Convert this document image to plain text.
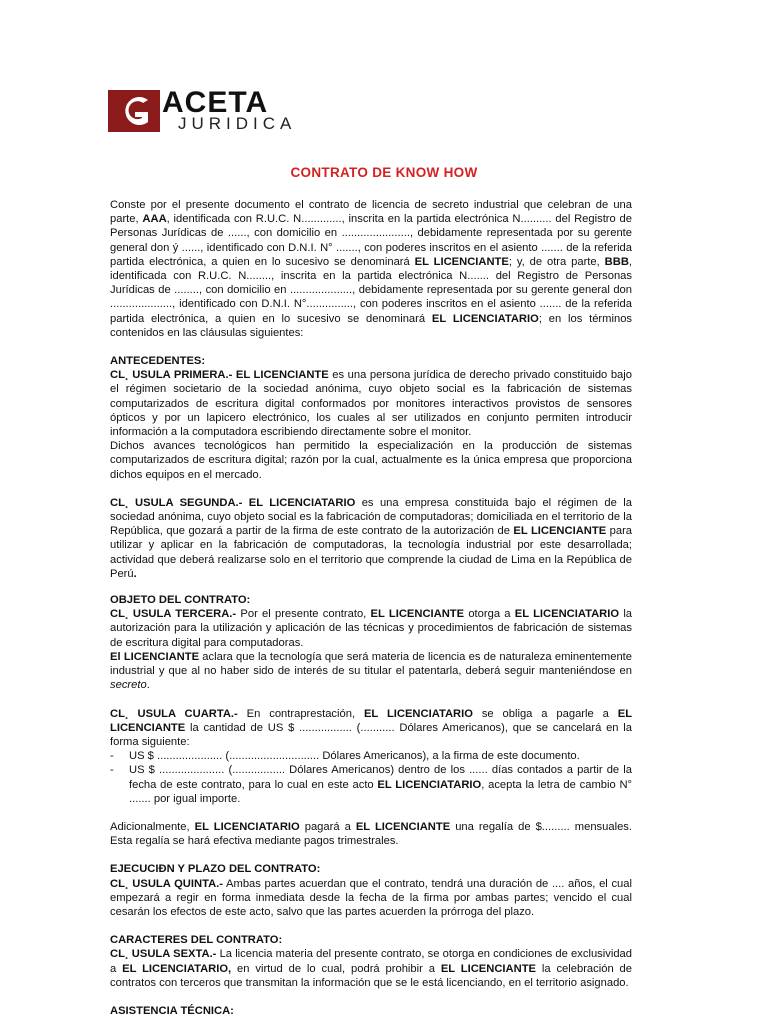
ACETA
JURIDICA
CONTRATO DE KNOW HOW

Conste por el presente documento el contrato de licencia de secreto industrial que celebran de una parte, AAA, identificada con R.U.C. N............., inscrita en la partida electrónica N.......... del Registro de Personas Jurídicas de ......, con domicilio en ......................, debidamente representada por su gerente general don ý ......, identificado con D.N.I. N° ......., con poderes inscritos en el asiento ....... de la referida partida electrónica, a quien en lo sucesivo se denominará EL LICENCIANTE; y, de otra parte, BBB, identificada con R.U.C. N........, inscrita en la partida electrónica N....... del Registro de Personas Jurídicas de ........, con domicilio en ...................., debidamente representada por su gerente general don ...................., identificado con D.N.I. N°..............., con poderes inscritos en el asiento ....... de la referida partida electrónica, a quien en lo sucesivo se denominará EL LICENCIATARIO; en los términos contenidos en las cláusulas siguientes:

ANTECEDENTES:

CL¸ USULA PRIMERA.- EL LICENCIANTE es una persona jurídica de derecho privado constituido bajo el régimen societario de la sociedad anónima, cuyo objeto social es la fabricación de sistemas computarizados de escritura digital conformados por monitores interactivos provistos de sensores ópticos y por un lapicero electrónico, los cuales al ser utilizados en conjunto permiten introducir información a la computadora escribiendo directamente sobre el monitor.

Dichos avances tecnológicos han permitido la especialización en la producción de sistemas computarizados de escritura digital; razón por la cual, actualmente es la única empresa que proporciona dichos equipos en el mercado.

CL¸ USULA SEGUNDA.- EL LICENCIATARIO es una empresa constituida bajo el régimen de la sociedad anónima, cuyo objeto social es la fabricación de computadoras; domiciliada en el territorio de la República, que gozará a partir de la firma de este contrato de la autorización de EL LICENCIANTE para utilizar y aplicar en la fabricación de computadoras, la tecnología industrial por este desarrollada; actividad que deberá realizarse solo en el territorio que comprende la ciudad de Lima en la República de Perú.

OBJETO DEL CONTRATO:

CL¸ USULA TERCERA.- Por el presente contrato, EL LICENCIANTE otorga a EL LICENCIATARIO la autorización para la utilización y aplicación de las técnicas y procedimientos de fabricación de sistemas de escritura digital para computadoras.

El LICENCIANTE aclara que la tecnología que será materia de licencia es de naturaleza eminentemente industrial y que al no haber sido de interés de su titular el patentarla, deberá seguir manteniéndose en secreto.

CL¸ USULA CUARTA.- En contraprestación, EL LICENCIATARIO se obliga a pagarle a EL LICENCIANTE la cantidad de US $ ................. (........... Dólares Americanos), que se cancelará en la forma siguiente:

- US $ ..................... (............................. Dólares Americanos), a la firma de este documento.
- US $ ..................... (................. Dólares Americanos) dentro de los ...... días contados a partir de la fecha de este contrato, para lo cual en este acto EL LICENCIATARIO, acepta la letra de cambio N° ....... por igual importe.

Adicionalmente, EL LICENCIATARIO pagará a EL LICENCIANTE una regalía de $......... mensuales. Esta regalía se hará efectiva mediante pagos trimestrales.

EJECUCIÐN Y PLAZO DEL CONTRATO:

CL¸ USULA QUINTA.- Ambas partes acuerdan que el contrato, tendrá una duración de .... años, el cual empezará a regir en forma inmediata desde la fecha de la firma por ambas partes; vencido el cual cesarán los efectos de este acto, salvo que las partes acuerden la prórroga del plazo.

CARACTERES DEL CONTRATO:

CL¸ USULA SEXTA.- La licencia materia del presente contrato, se otorga en condiciones de exclusividad a EL LICENCIATARIO, en virtud de lo cual, podrá prohibir a EL LICENCIANTE la celebración de contratos con terceros que transmitan la información que se le está licenciando, en el territorio asignado.

ASISTENCIA TÉCNICA:
